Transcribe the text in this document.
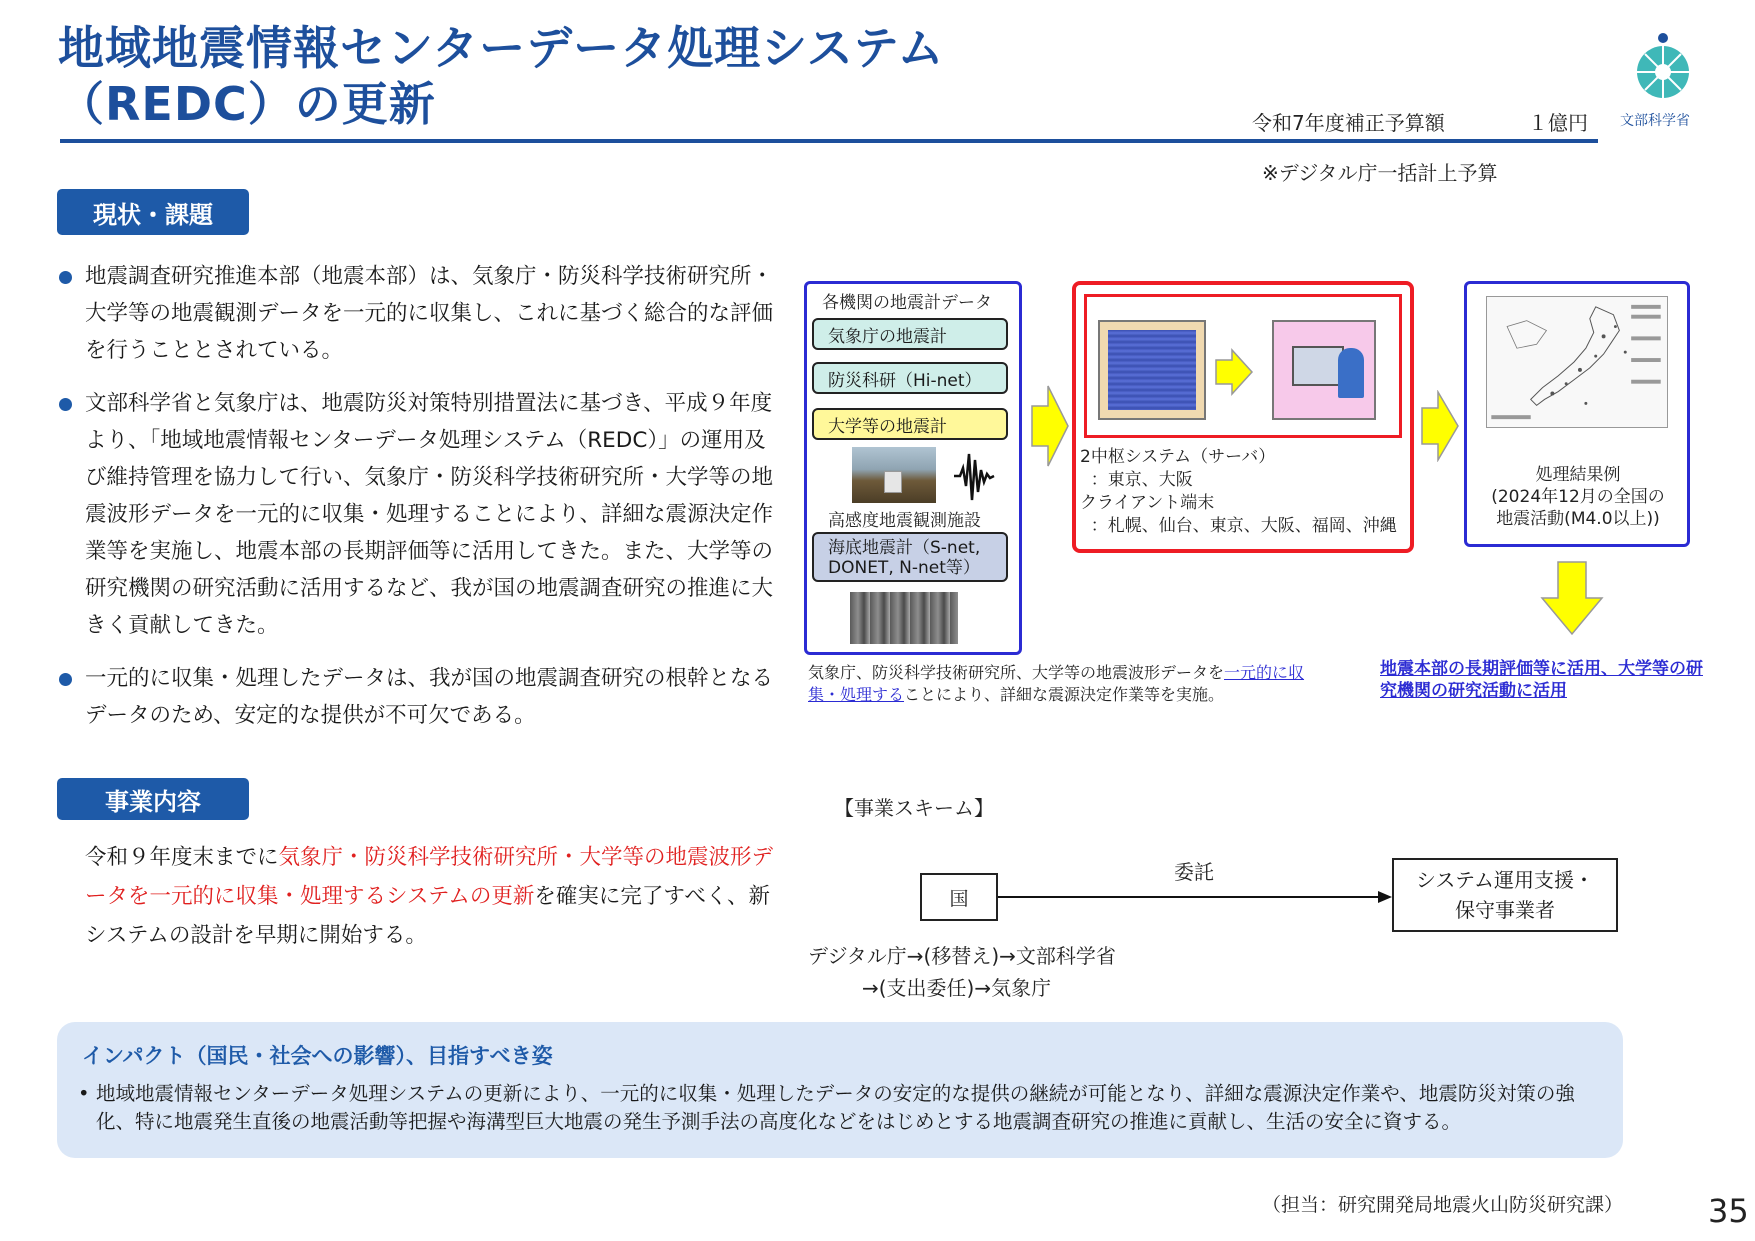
地域地震情報センターデータ処理システム
（REDC）の更新	令和7年度補正予算額	１億円
※デジタル庁一括計上予算
文部科学省
現状・課題
地震調査研究推進本部（地震本部）は、気象庁・防災科学技術研究所・大学等の地震観測データを一元的に収集し、これに基づく総合的な評価を行うこととされている。
文部科学省と気象庁は、地震防災対策特別措置法に基づき、平成９年度より、「地域地震情報センターデータ処理システム（REDC）」の運用及び維持管理を協力して行い、気象庁・防災科学技術研究所・大学等の地震波形データを一元的に収集・処理することにより、詳細な震源決定作業等を実施し、地震本部の長期評価等に活用してきた。また、大学等の研究機関の研究活動に活用するなど、我が国の地震調査研究の推進に大きく貢献してきた。
一元的に収集・処理したデータは、我が国の地震調査研究の根幹となるデータのため、安定的な提供が不可欠である。
事業内容
令和９年度末までに気象庁・防災科学技術研究所・大学等の地震波形データを一元的に収集・処理するシステムの更新を確実に完了すべく、新システムの設計を早期に開始する。
各機関の地震計データ
気象庁の地震計
防災科研（Hi-net）
大学等の地震計
高感度地震観測施設
海底地震計（S-net, DONET, N-net等）
2中枢システム（サーバ）
：東京、大阪
クライアント端末
：札幌、仙台、東京、大阪、福岡、沖縄
処理結果例
(2024年12月の全国の
地震活動(M4.0以上))
気象庁、防災科学技術研究所、大学等の地震波形データを一元的に収集・処理することにより、詳細な震源決定作業等を実施。
地震本部の長期評価等に活用、大学等の研究機関の研究活動に活用
【事業スキーム】
委託
国
システム運用支援・
保守事業者
デジタル庁→(移替え)→文部科学省
→(支出委任)→気象庁
インパクト（国民・社会への影響）、目指すべき姿
• 地域地震情報センターデータ処理システムの更新により、一元的に収集・処理したデータの安定的な提供の継続が可能となり、詳細な震源決定作業や、地震防災対策の強化、特に地震発生直後の地震活動等把握や海溝型巨大地震の発生予測手法の高度化などをはじめとする地震調査研究の推進に貢献し、生活の安全に資する。
（担当：研究開発局地震火山防災研究課）	35
